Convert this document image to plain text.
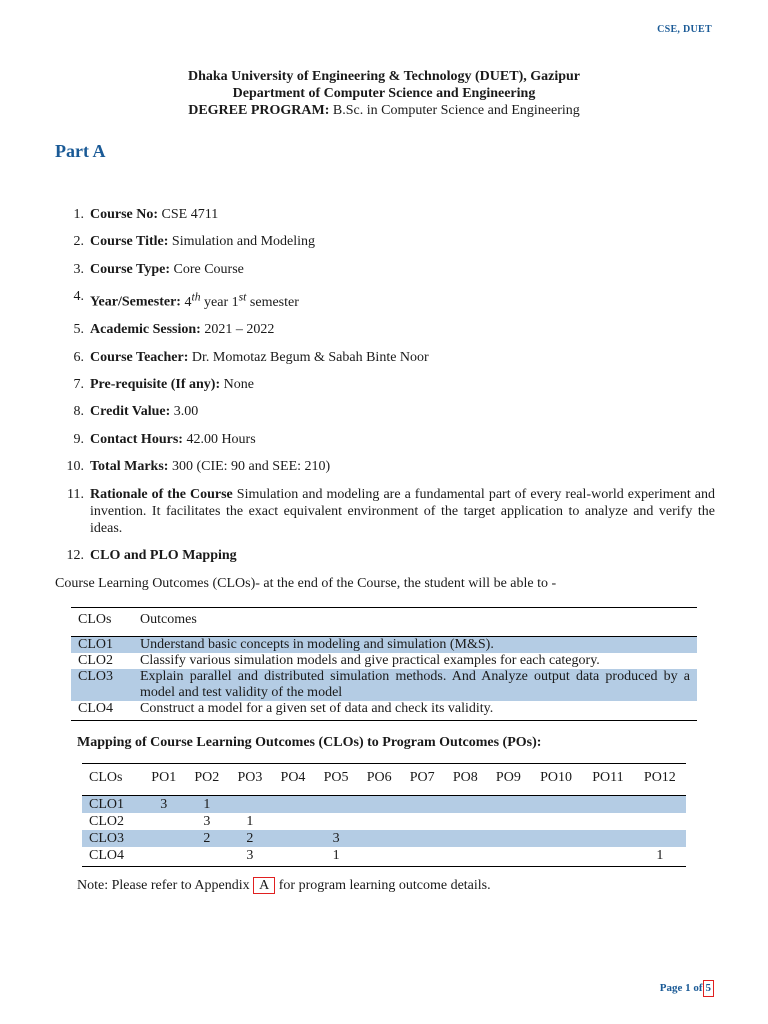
CSE, DUET
Dhaka University of Engineering & Technology (DUET), Gazipur
Department of Computer Science and Engineering
DEGREE PROGRAM: B.Sc. in Computer Science and Engineering
Part A
1. Course No: CSE 4711
2. Course Title: Simulation and Modeling
3. Course Type: Core Course
4. Year/Semester: 4th year 1st semester
5. Academic Session: 2021 – 2022
6. Course Teacher: Dr. Momotaz Begum & Sabah Binte Noor
7. Pre-requisite (If any): None
8. Credit Value: 3.00
9. Contact Hours: 42.00 Hours
10. Total Marks: 300 (CIE: 90 and SEE: 210)
11. Rationale of the Course Simulation and modeling are a fundamental part of every real-world experiment and invention. It facilitates the exact equivalent environment of the target application to analyze and verify the ideas.
12. CLO and PLO Mapping
Course Learning Outcomes (CLOs)- at the end of the Course, the student will be able to -
CLOs	Outcomes
CLO1	Understand basic concepts in modeling and simulation (M&S).
CLO2	Classify various simulation models and give practical examples for each category.
CLO3	Explain parallel and distributed simulation methods. And Analyze output data produced by a model and test validity of the model
CLO4	Construct a model for a given set of data and check its validity.
Mapping of Course Learning Outcomes (CLOs) to Program Outcomes (POs):
CLOs	PO1	PO2	PO3	PO4	PO5	PO6	PO7	PO8	PO9	PO10	PO11	PO12
CLO1	3	1										
CLO2		3	1									
CLO3		2	2		3							
CLO4			3		1							1
Note: Please refer to Appendix A for program learning outcome details.
Page 1 of 5
